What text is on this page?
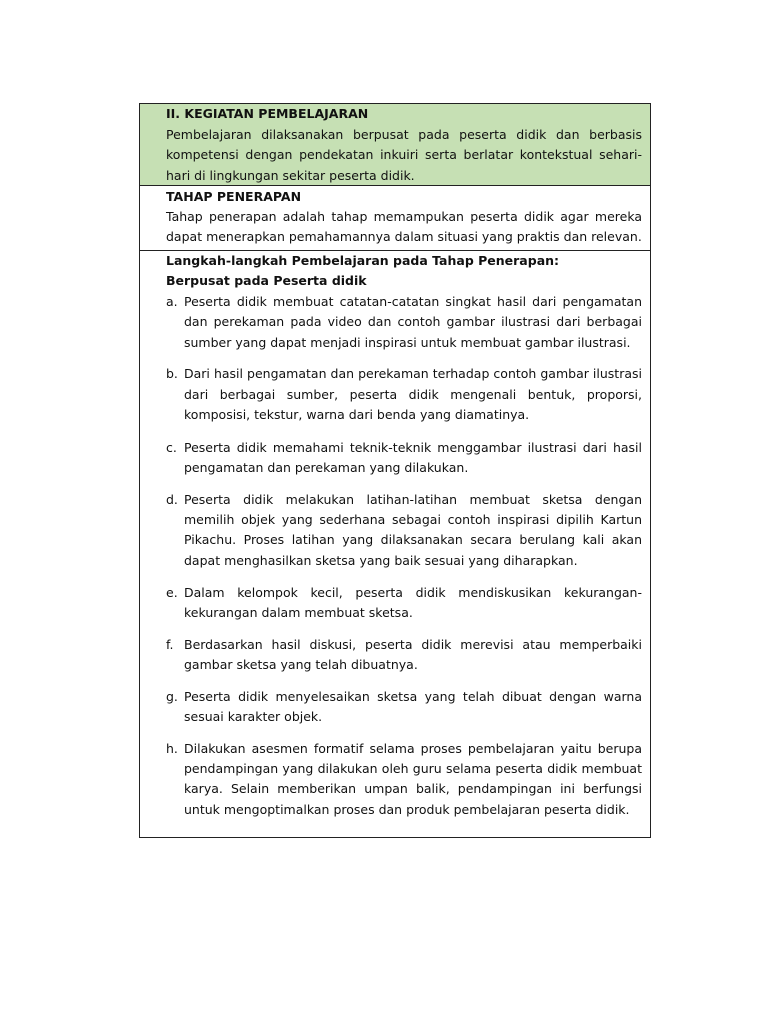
II. KEGIATAN PEMBELAJARAN

Pembelajaran dilaksanakan berpusat pada peserta didik dan berbasis kompetensi dengan pendekatan inkuiri serta berlatar kontekstual sehari-hari di lingkungan sekitar peserta didik.

TAHAP PENERAPAN

Tahap penerapan adalah tahap memampukan peserta didik agar mereka dapat menerapkan pemahamannya dalam situasi yang praktis dan relevan.

Langkah-langkah Pembelajaran pada Tahap Penerapan:

Berpusat pada Peserta didik

a. Peserta didik membuat catatan-catatan singkat hasil dari pengamatan dan perekaman pada video dan contoh gambar ilustrasi dari berbagai sumber yang dapat menjadi inspirasi untuk membuat gambar ilustrasi.
b. Dari hasil pengamatan dan perekaman terhadap contoh gambar ilustrasi dari berbagai sumber, peserta didik mengenali bentuk, proporsi, komposisi, tekstur, warna dari benda yang diamatinya.
c. Peserta didik memahami teknik-teknik menggambar ilustrasi dari hasil pengamatan dan perekaman yang dilakukan.
d. Peserta didik melakukan latihan-latihan membuat sketsa dengan memilih objek yang sederhana sebagai contoh inspirasi dipilih Kartun Pikachu. Proses latihan yang dilaksanakan secara berulang kali akan dapat menghasilkan sketsa yang baik sesuai yang diharapkan.
e. Dalam kelompok kecil, peserta didik mendiskusikan kekurangan-kekurangan dalam membuat sketsa.
f. Berdasarkan hasil diskusi, peserta didik merevisi atau memperbaiki gambar sketsa yang telah dibuatnya.
g. Peserta didik menyelesaikan sketsa yang telah dibuat dengan warna sesuai karakter objek.
h. Dilakukan asesmen formatif selama proses pembelajaran yaitu berupa pendampingan yang dilakukan oleh guru selama peserta didik membuat karya. Selain memberikan umpan balik, pendampingan ini berfungsi untuk mengoptimalkan proses dan produk pembelajaran peserta didik.
